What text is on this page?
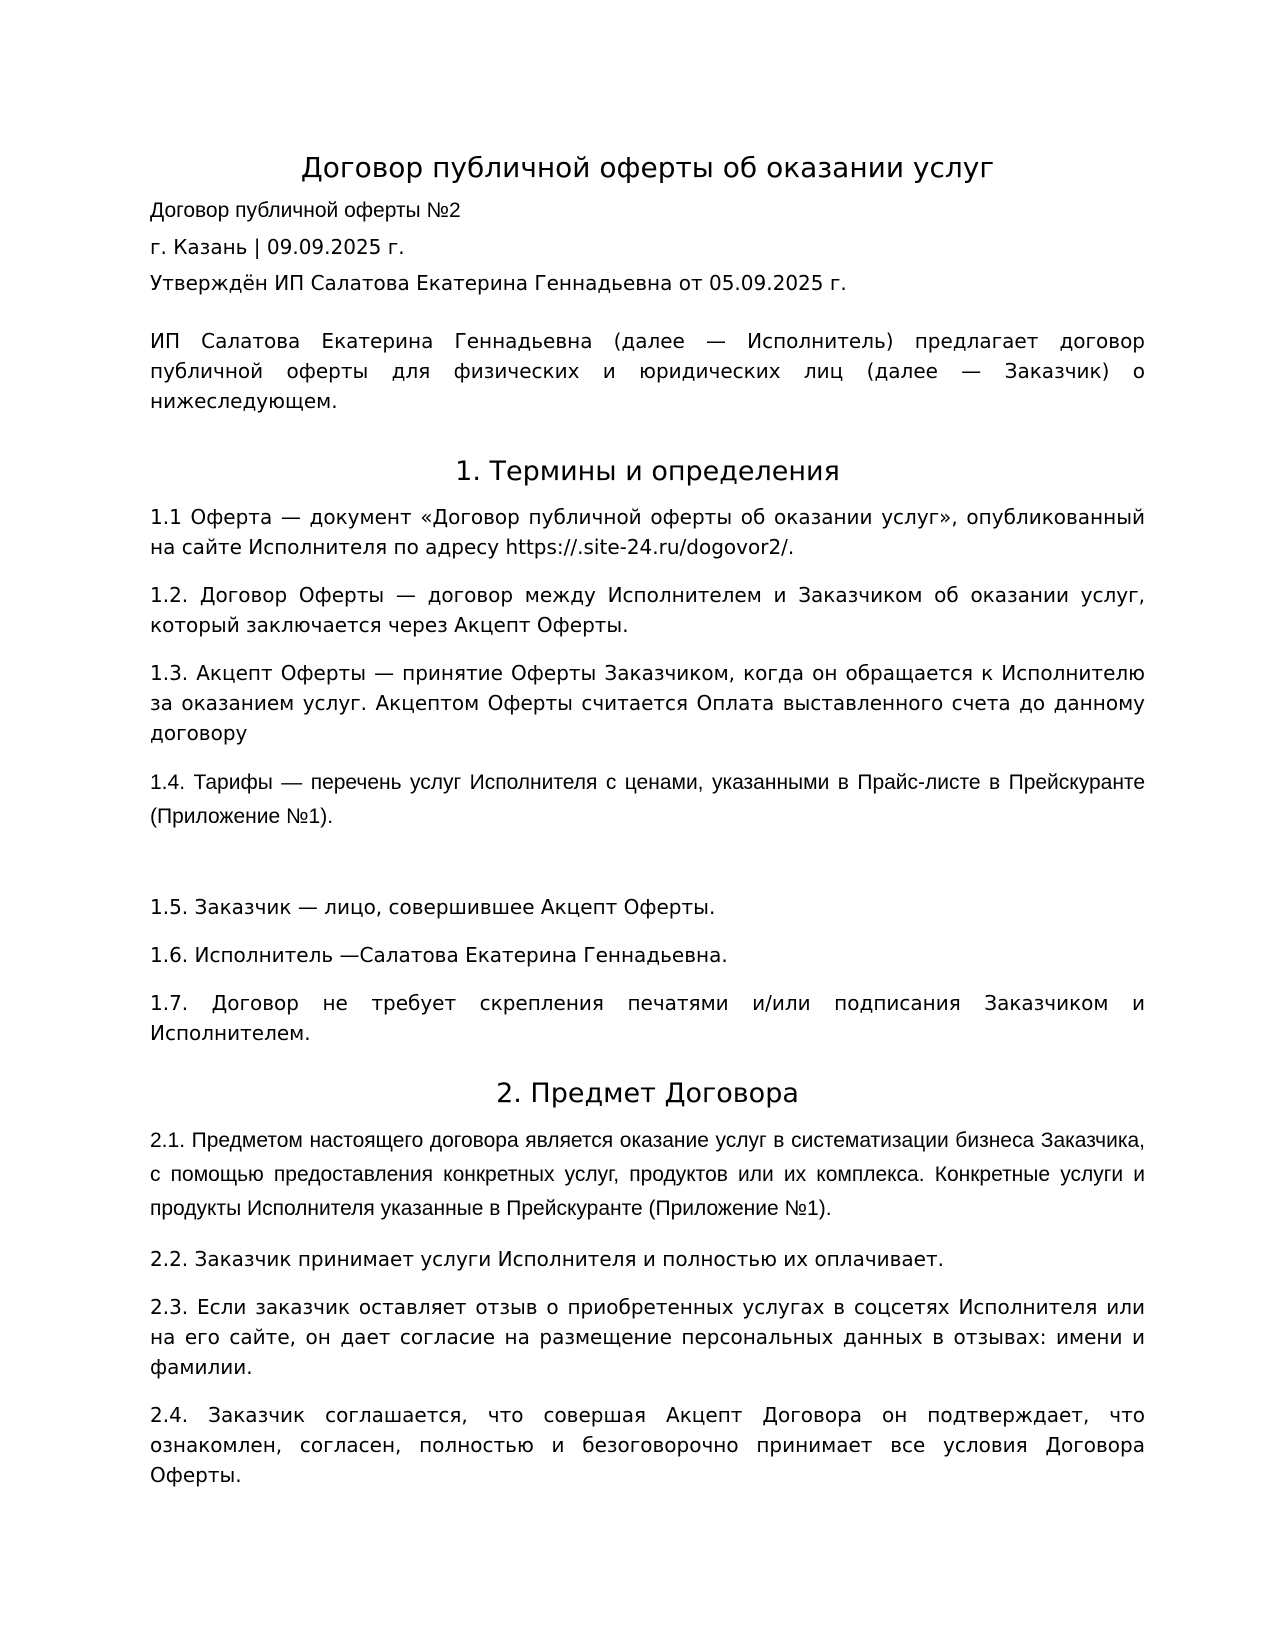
Договор публичной оферты об оказании услуг

Договор публичной оферты №2

г. Казань | 09.09.2025 г.

Утверждён ИП Салатова Екатерина Геннадьевна от 05.09.2025 г.

ИП Салатова Екатерина Геннадьевна (далее — Исполнитель) предлагает договор публичной оферты для физических и юридических лиц (далее — Заказчик) о нижеследующем.

1. Термины и определения

1.1 Оферта — документ «Договор публичной оферты об оказании услуг», опубликованный на сайте Исполнителя по адресу https://.site-24.ru/dogovor2/.

1.2. Договор Оферты — договор между Исполнителем и Заказчиком об оказании услуг, который заключается через Акцепт Оферты.

1.3. Акцепт Оферты — принятие Оферты Заказчиком, когда он обращается к Исполнителю за оказанием услуг. Акцептом Оферты считается Оплата выставленного счета до данному договору

1.4. Тарифы — перечень услуг Исполнителя с ценами, указанными в Прайс-листе в Прейскуранте (Приложение №1).

1.5. Заказчик — лицо, совершившее Акцепт Оферты.

1.6. Исполнитель —Салатова Екатерина Геннадьевна.

1.7. Договор не требует скрепления печатями и/или подписания Заказчиком и Исполнителем.

2. Предмет Договора

2.1. Предметом настоящего договора является оказание услуг в систематизации бизнеса Заказчика, с помощью предоставления конкретных услуг, продуктов или их комплекса. Конкретные услуги и продукты Исполнителя указанные в Прейскуранте (Приложение №1).

2.2. Заказчик принимает услуги Исполнителя и полностью их оплачивает.

2.3. Если заказчик оставляет отзыв о приобретенных услугах в соцсетях Исполнителя или на его сайте, он дает согласие на размещение персональных данных в отзывах: имени и фамилии.

2.4. Заказчик соглашается, что совершая Акцепт Договора он подтверждает, что ознакомлен, согласен, полностью и безоговорочно принимает все условия Договора Оферты.
